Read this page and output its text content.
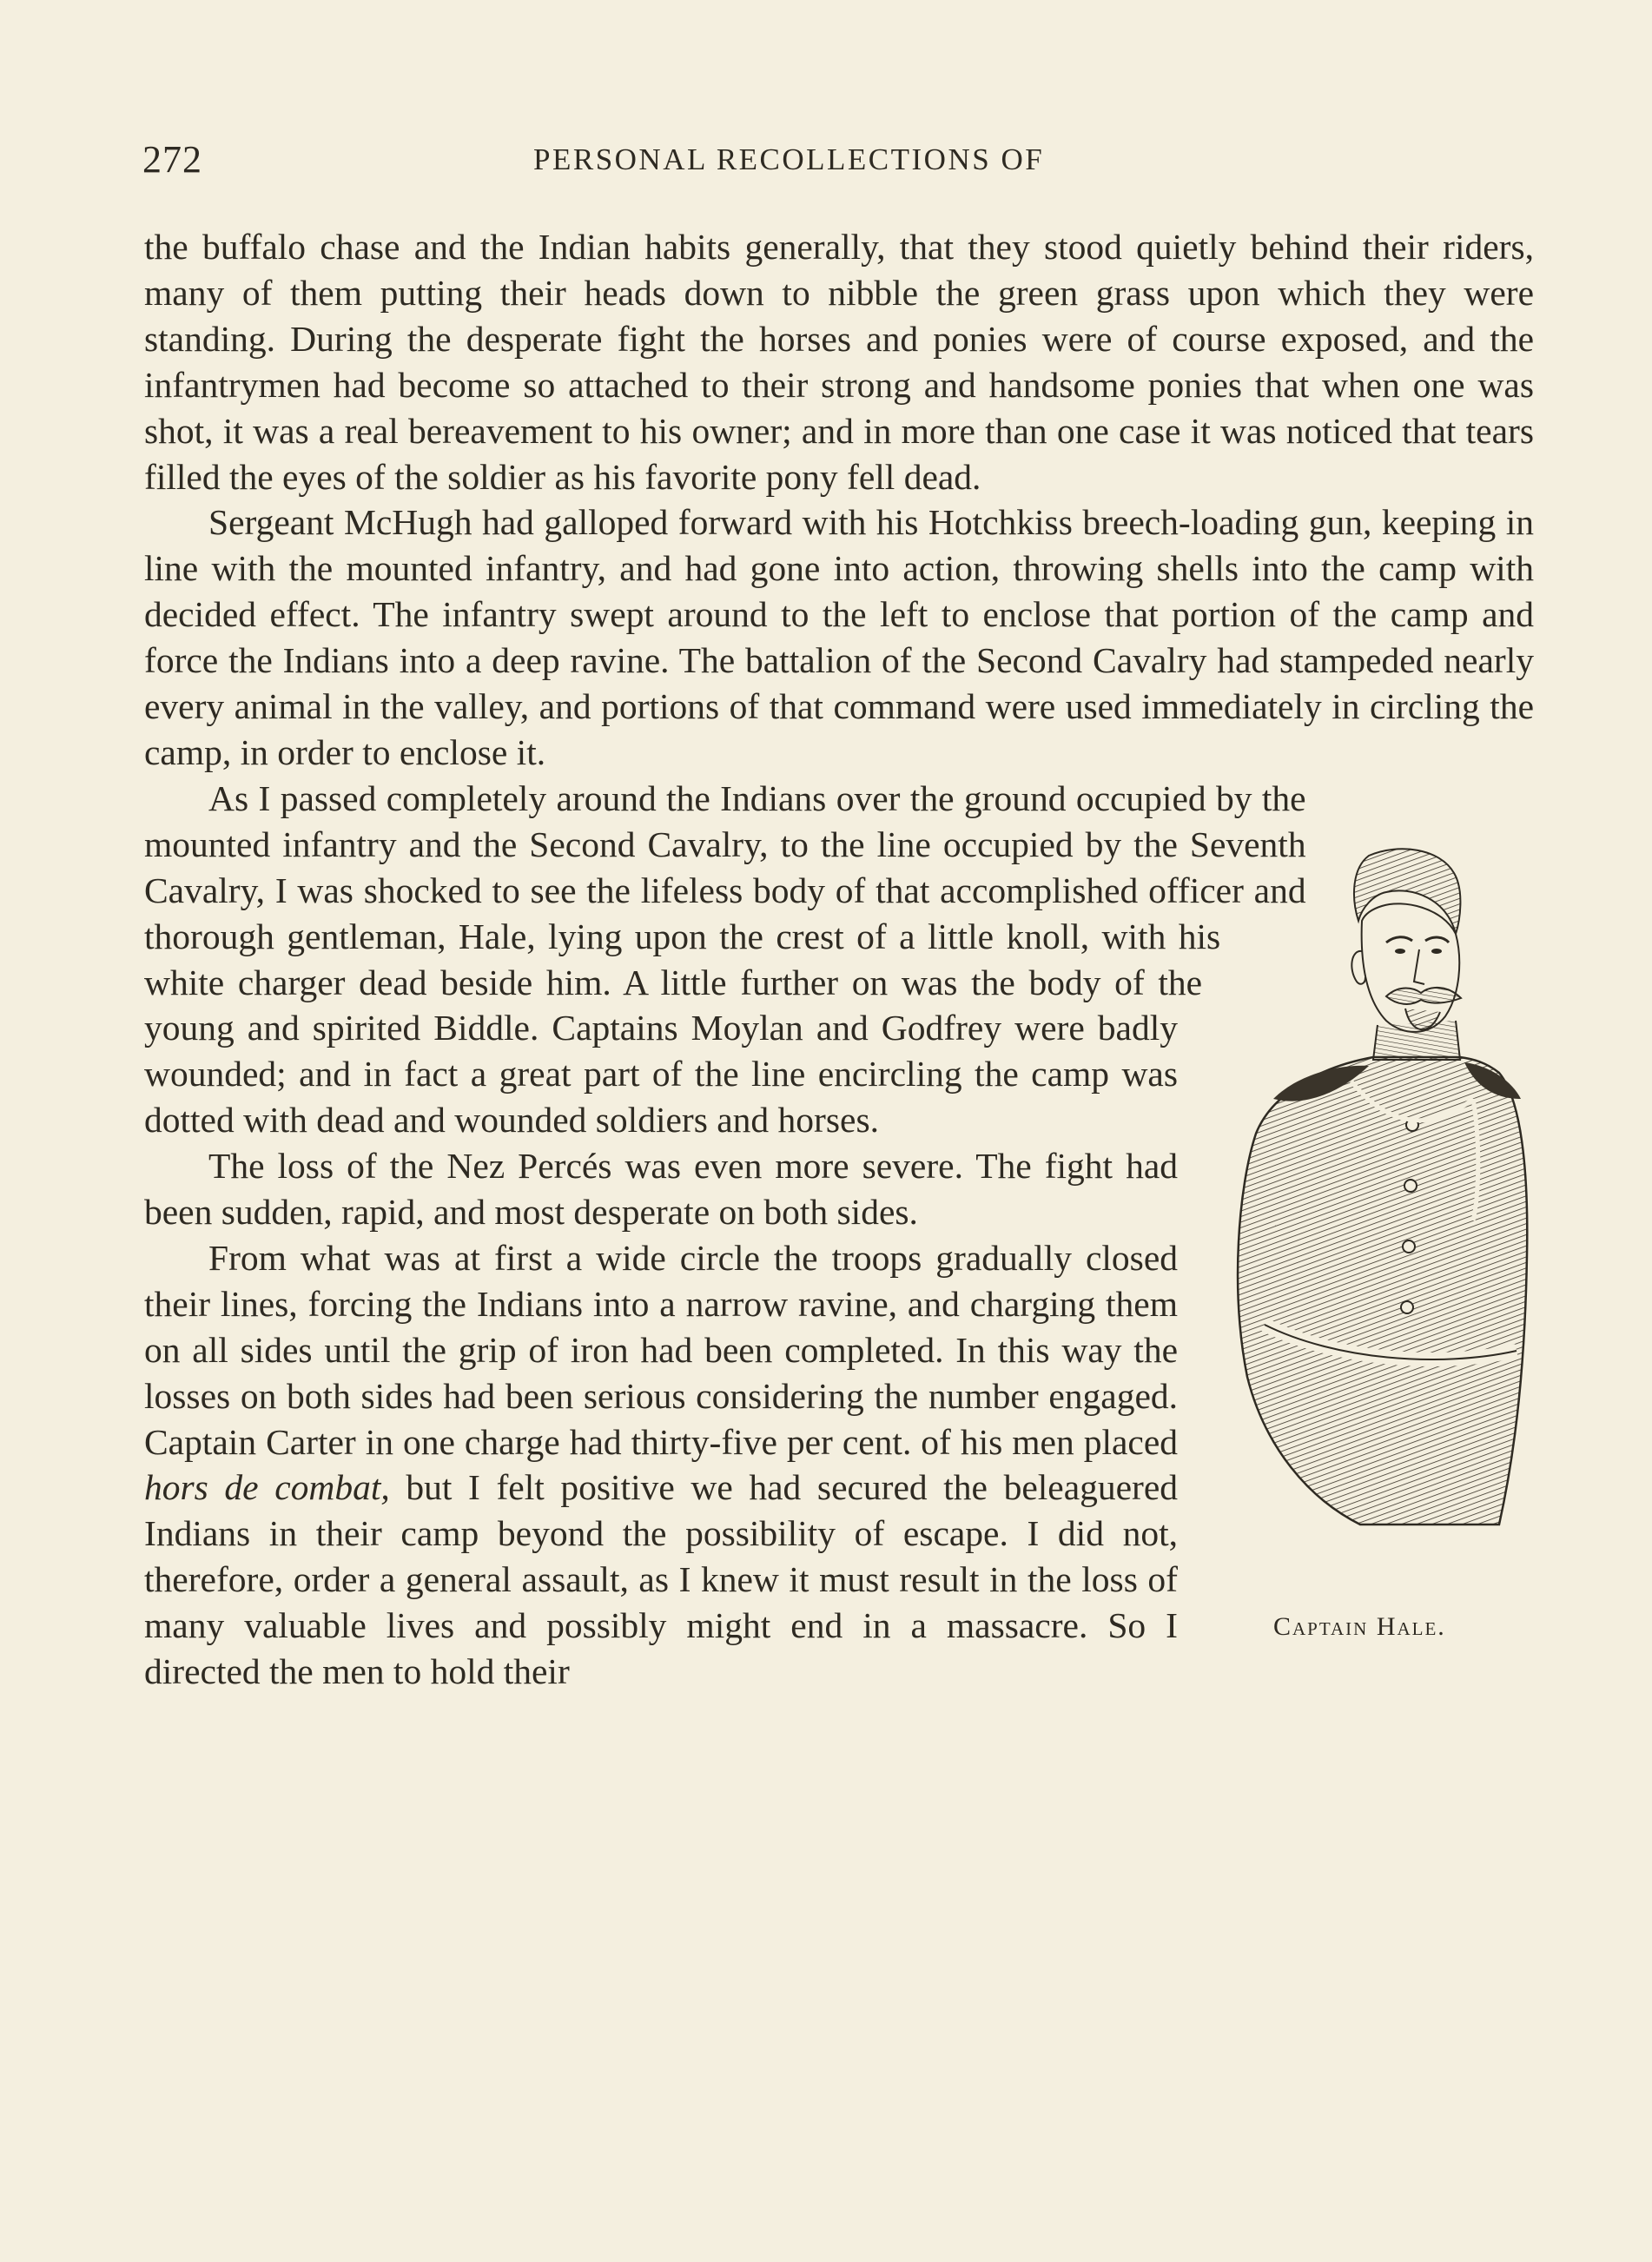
272	PERSONAL RECOLLECTIONS OF

the buffalo chase and the Indian habits generally, that they stood quietly behind their riders, many of them putting their heads down to nibble the green grass upon which they were standing. During the desperate fight the horses and ponies were of course exposed, and the infantrymen had become so attached to their strong and handsome ponies that when one was shot, it was a real bereavement to his owner; and in more than one case it was noticed that tears filled the eyes of the soldier as his favorite pony fell dead.

Sergeant McHugh had galloped forward with his Hotchkiss breech-loading gun, keeping in line with the mounted infantry, and had gone into action, throwing shells into the camp with decided effect. The infantry swept around to the left to enclose that portion of the camp and force the Indians into a deep ravine. The battalion of the Second Cavalry had stampeded nearly every animal in the valley, and portions of that command were used immediately in circling the camp, in order to enclose it.

Captain Hale.

As I passed completely around the Indians over the ground occupied by the mounted infantry and the Second Cavalry, to the line occupied by the Seventh Cavalry, I was shocked to see the lifeless body of that accomplished officer and thorough gentleman, Hale, lying upon the crest of a little knoll, with his white charger dead beside him. A little further on was the body of the young and spirited Biddle. Captains Moylan and Godfrey were badly wounded; and in fact a great part of the line encircling the camp was dotted with dead and wounded soldiers and horses.

The loss of the Nez Percés was even more severe. The fight had been sudden, rapid, and most desperate on both sides.

From what was at first a wide circle the troops gradually closed their lines, forcing the Indians into a narrow ravine, and charging them on all sides until the grip of iron had been completed. In this way the losses on both sides had been serious considering the number engaged. Captain Carter in one charge had thirty-five per cent. of his men placed hors de combat, but I felt positive we had secured the beleaguered Indians in their camp beyond the possibility of escape. I did not, therefore, order a general assault, as I knew it must result in the loss of many valuable lives and possibly might end in a massacre. So I directed the men to hold their
